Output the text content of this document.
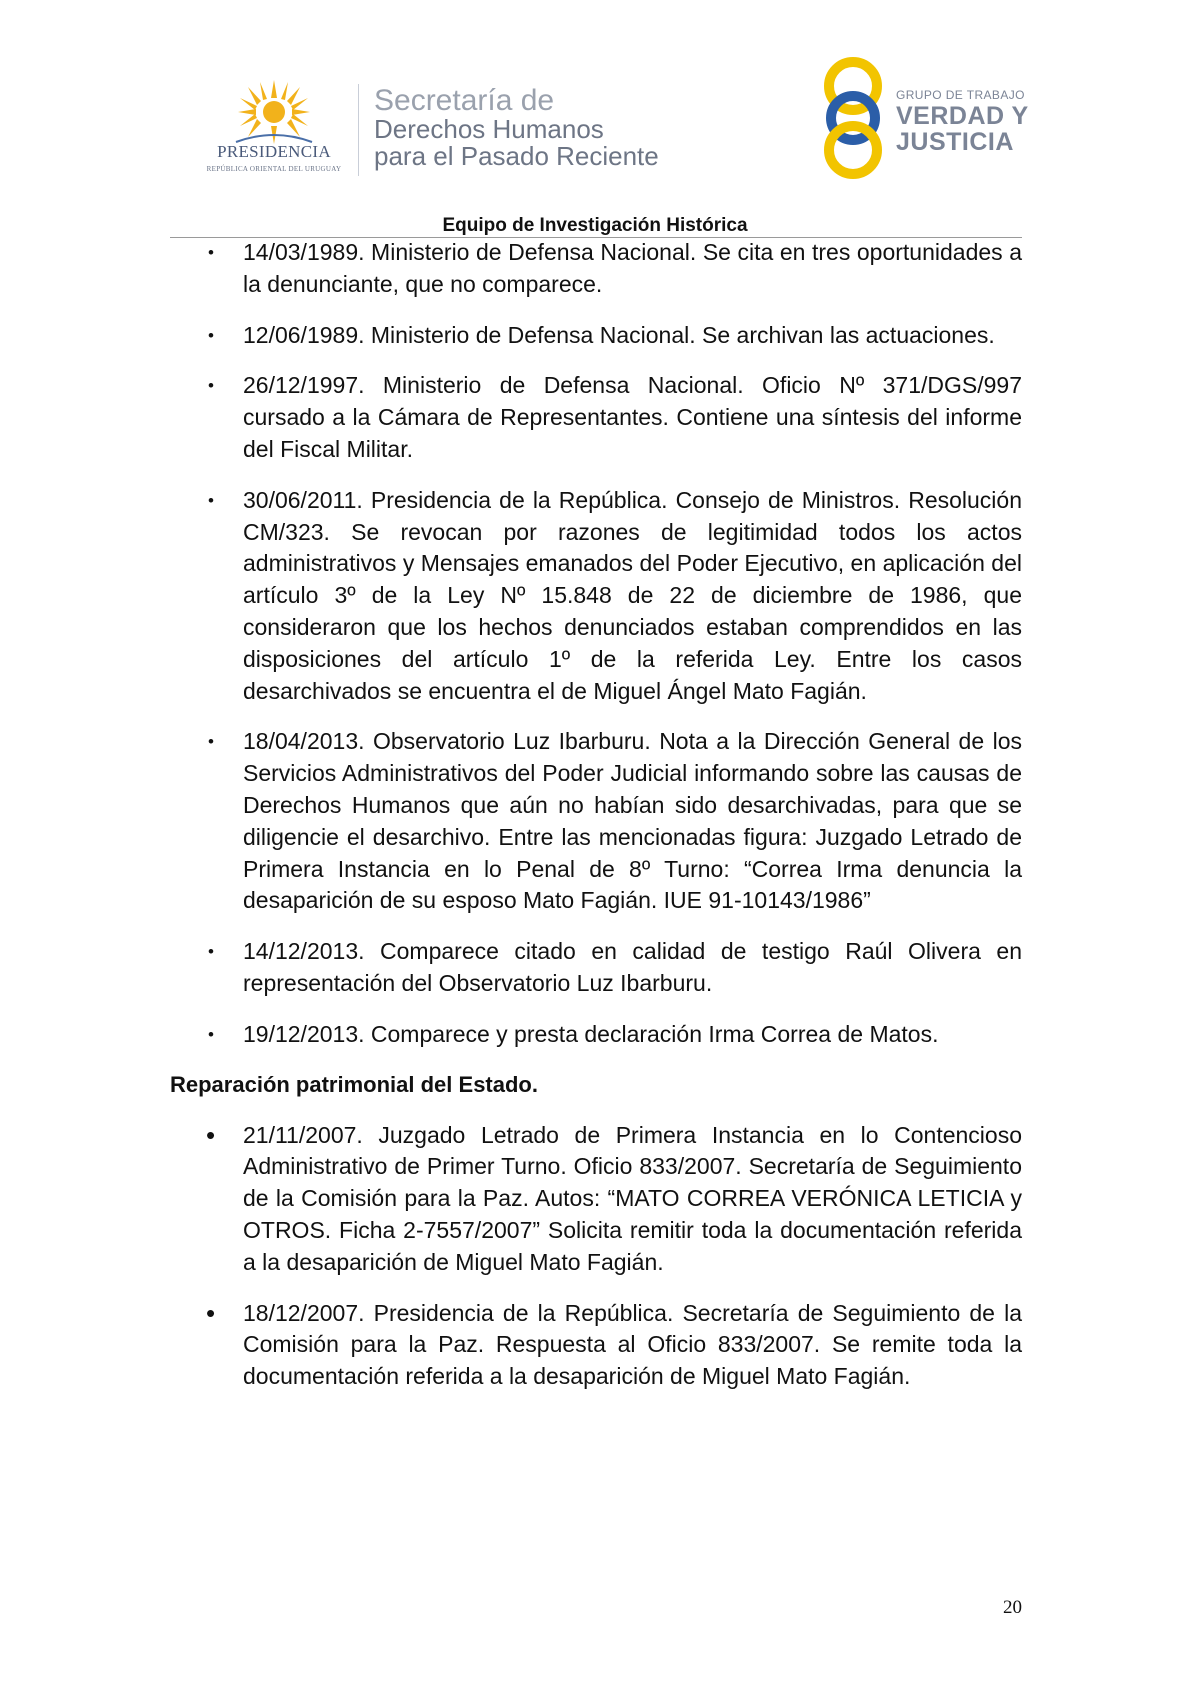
PRESIDENCIA
REPÚBLICA ORIENTAL DEL URUGUAY
Secretaría de
Derechos Humanos
para el Pasado Reciente
GRUPO DE TRABAJO
VERDAD Y
JUSTICIA
Equipo de Investigación Histórica
• 14/03/1989. Ministerio de Defensa Nacional. Se cita en tres oportunidades a la denunciante, que no comparece.
• 12/06/1989. Ministerio de Defensa Nacional. Se archivan las actuaciones.
• 26/12/1997. Ministerio de Defensa Nacional. Oficio Nº 371/DGS/997 cursado a la Cámara de Representantes. Contiene una síntesis del informe del Fiscal Militar.
• 30/06/2011. Presidencia de la República. Consejo de Ministros. Resolución CM/323. Se revocan por razones de legitimidad todos los actos administrativos y Mensajes emanados del Poder Ejecutivo, en aplicación del artículo 3º de la Ley Nº 15.848 de 22 de diciembre de 1986, que consideraron que los hechos denunciados estaban comprendidos en las disposiciones del artículo 1º de la referida Ley. Entre los casos desarchivados se encuentra el de Miguel Ángel Mato Fagián.
• 18/04/2013. Observatorio Luz Ibarburu. Nota a la Dirección General de los Servicios Administrativos del Poder Judicial informando sobre las causas de Derechos Humanos que aún no habían sido desarchivadas, para que se diligencie el desarchivo. Entre las mencionadas figura: Juzgado Letrado de Primera Instancia en lo Penal de 8º Turno: “Correa Irma denuncia la desaparición de su esposo Mato Fagián. IUE 91-10143/1986”
• 14/12/2013. Comparece citado en calidad de testigo Raúl Olivera en representación del Observatorio Luz Ibarburu.
• 19/12/2013. Comparece y presta declaración Irma Correa de Matos.
Reparación patrimonial del Estado.
• 21/11/2007. Juzgado Letrado de Primera Instancia en lo Contencioso Administrativo de Primer Turno. Oficio 833/2007. Secretaría de Seguimiento de la Comisión para la Paz. Autos: “MATO CORREA VERÓNICA LETICIA y OTROS. Ficha 2-7557/2007” Solicita remitir toda la documentación referida a la desaparición de Miguel Mato Fagián.
• 18/12/2007. Presidencia de la República. Secretaría de Seguimiento de la Comisión para la Paz. Respuesta al Oficio 833/2007. Se remite toda la documentación referida a la desaparición de Miguel Mato Fagián.
20
